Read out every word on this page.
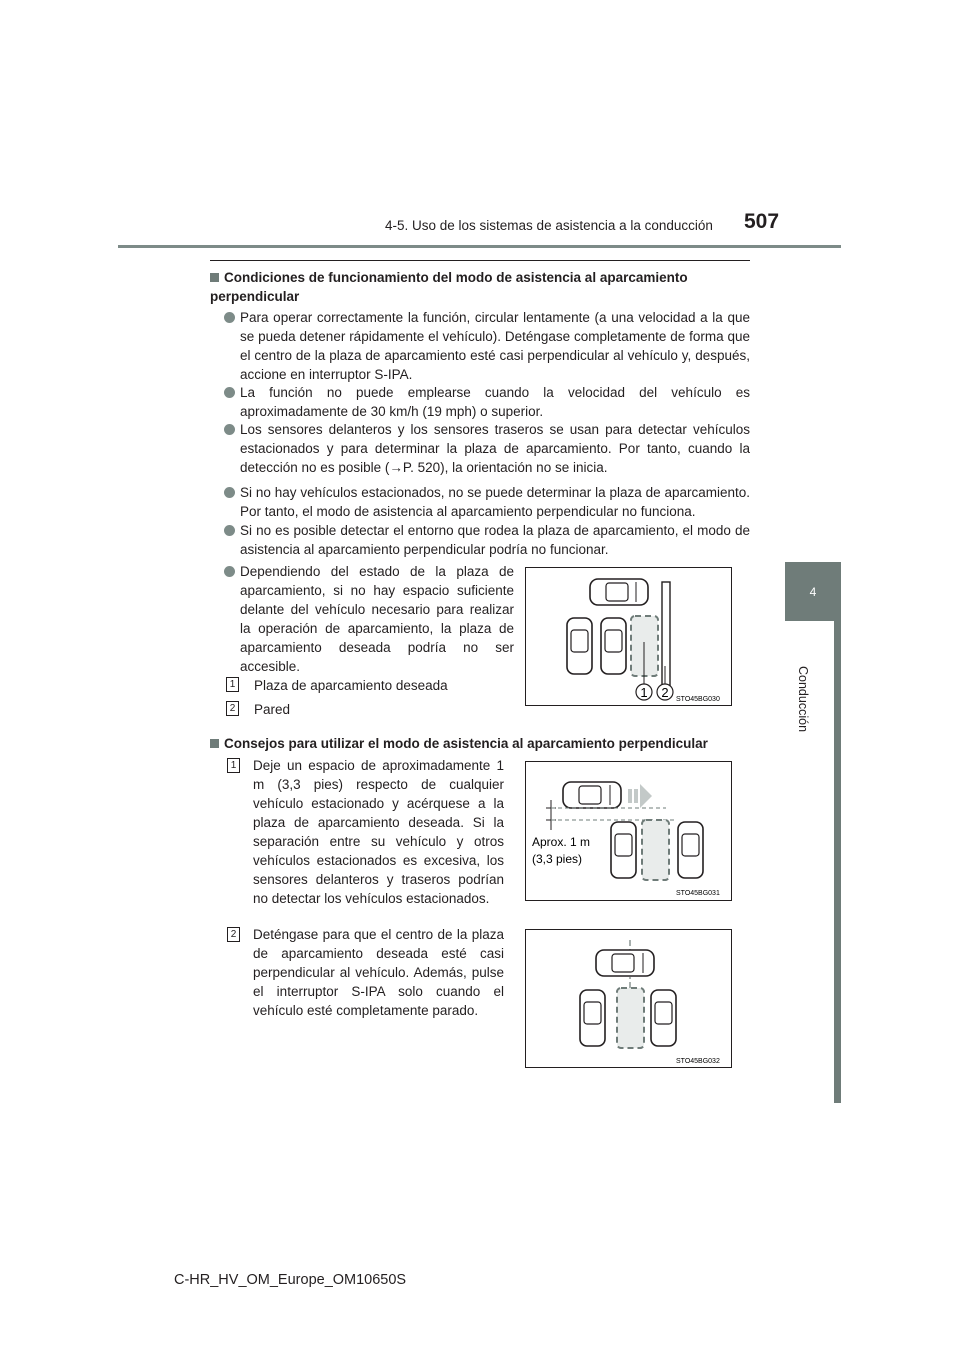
4-5. Uso de los sistemas de asistencia a la conducción 507
4
Conducción
Condiciones de funcionamiento del modo de asistencia al aparcamiento perpendicular
Para operar correctamente la función, circular lentamente (a una velocidad a la que se pueda detener rápidamente el vehículo). Deténgase completamente de forma que el centro de la plaza de aparcamiento esté casi perpendicular al vehículo y, después, accione en interruptor S-IPA.
La función no puede emplearse cuando la velocidad del vehículo es aproximadamente de 30 km/h (19 mph) o superior.
Los sensores delanteros y los sensores traseros se usan para detectar vehículos estacionados y para determinar la plaza de aparcamiento. Por tanto, cuando la detección no es posible (→P. 520), la orientación no se inicia.
Si no hay vehículos estacionados, no se puede determinar la plaza de aparcamiento. Por tanto, el modo de asistencia al aparcamiento perpendicular no funciona.
Si no es posible detectar el entorno que rodea la plaza de aparcamiento, el modo de asistencia al aparcamiento perpendicular podría no funcionar.
Dependiendo del estado de la plaza de aparcamiento, si no hay espacio suficiente delante del vehículo necesario para realizar la operación de aparcamiento, la plaza de aparcamiento deseada podría no ser accesible.
1 Plaza de aparcamiento deseada
2 Pared
1 2 STO45BG030
Consejos para utilizar el modo de asistencia al aparcamiento perpendicular
1 Deje un espacio de aproximadamente 1 m (3,3 pies) respecto de cualquier vehículo estacionado y acérquese a la plaza de aparcamiento deseada. Si la separación entre su vehículo y otros vehículos estacionados es excesiva, los sensores delanteros y traseros podrían no detectar los vehículos estacionados.
Aprox. 1 m
(3,3 pies)
STO45BG031
2 Deténgase para que el centro de la plaza de aparcamiento deseada esté casi perpendicular al vehículo. Además, pulse el interruptor S-IPA solo cuando el vehículo esté completamente parado.
STO45BG032
C-HR_HV_OM_Europe_OM10650S
